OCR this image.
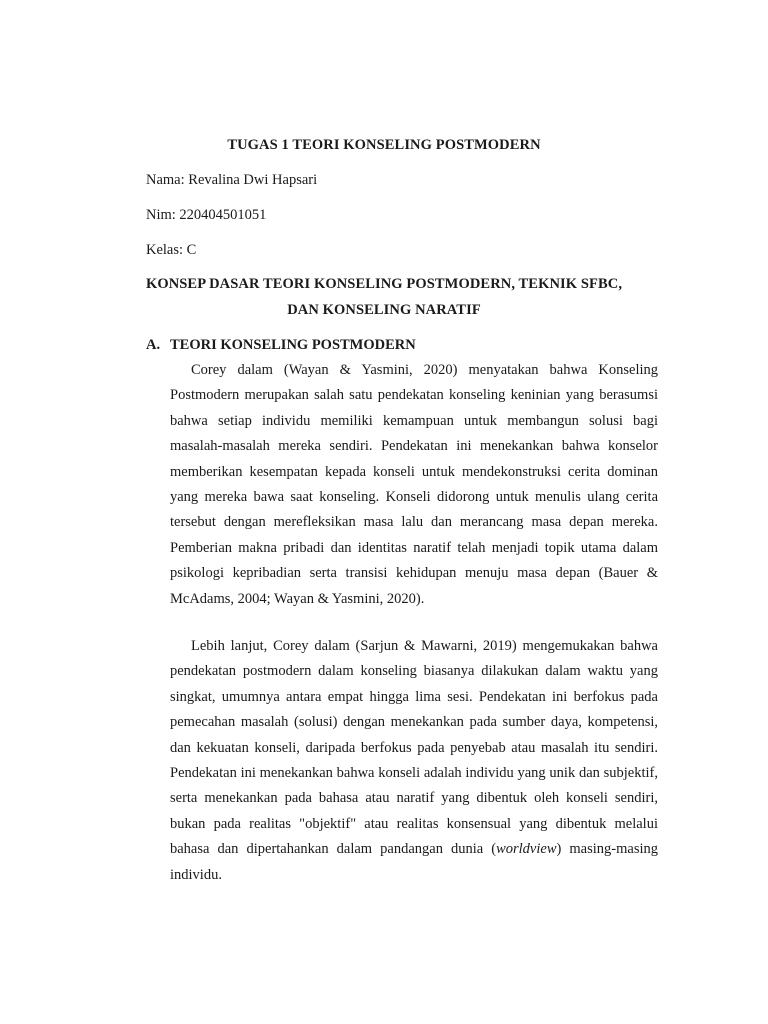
TUGAS 1 TEORI KONSELING POSTMODERN
Nama: Revalina Dwi Hapsari
Nim: 220404501051
Kelas: C
KONSEP DASAR TEORI KONSELING POSTMODERN, TEKNIK SFBC,
DAN KONSELING NARATIF
A. TEORI KONSELING POSTMODERN

Corey dalam (Wayan & Yasmini, 2020) menyatakan bahwa Konseling Postmodern merupakan salah satu pendekatan konseling keninian yang berasumsi bahwa setiap individu memiliki kemampuan untuk membangun solusi bagi masalah-masalah mereka sendiri. Pendekatan ini menekankan bahwa konselor memberikan kesempatan kepada konseli untuk mendekonstruksi cerita dominan yang mereka bawa saat konseling. Konseli didorong untuk menulis ulang cerita tersebut dengan merefleksikan masa lalu dan merancang masa depan mereka. Pemberian makna pribadi dan identitas naratif telah menjadi topik utama dalam psikologi kepribadian serta transisi kehidupan menuju masa depan (Bauer & McAdams, 2004; Wayan & Yasmini, 2020).

Lebih lanjut, Corey dalam (Sarjun & Mawarni, 2019) mengemukakan bahwa pendekatan postmodern dalam konseling biasanya dilakukan dalam waktu yang singkat, umumnya antara empat hingga lima sesi. Pendekatan ini berfokus pada pemecahan masalah (solusi) dengan menekankan pada sumber daya, kompetensi, dan kekuatan konseli, daripada berfokus pada penyebab atau masalah itu sendiri. Pendekatan ini menekankan bahwa konseli adalah individu yang unik dan subjektif, serta menekankan pada bahasa atau naratif yang dibentuk oleh konseli sendiri, bukan pada realitas "objektif" atau realitas konsensual yang dibentuk melalui bahasa dan dipertahankan dalam pandangan dunia (worldview) masing-masing individu.
